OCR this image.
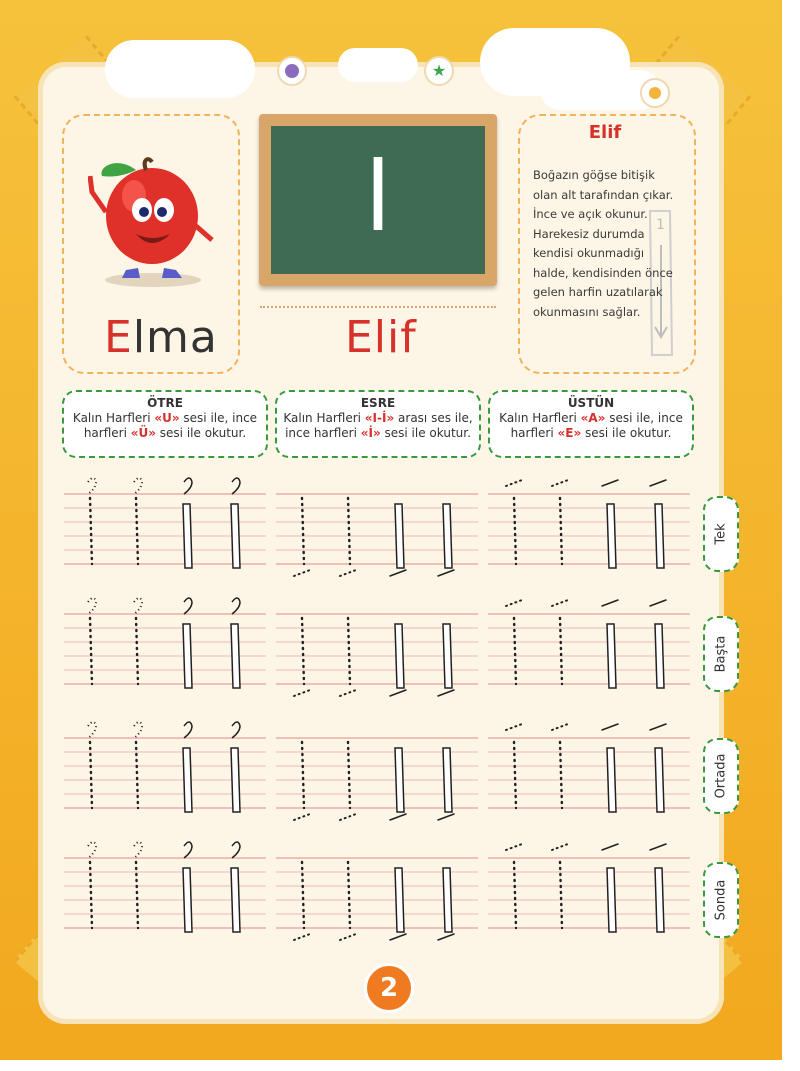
★
Elma
ا
Elif
Elif
1
Boğazın göğse bitişik olan alt tarafından çıkar. İnce ve açık okunur. Harekesiz durumda kendisi okunmadığı halde, kendisinden önce gelen harfin uzatılarak okunmasını sağlar.
ÖTRE
Kalın Harfleri «U» sesi ile, ince harfleri «Ü» sesi ile okutur.
ESRE
Kalın Harfleri «I-İ» arası ses ile, ince harfleri «İ» sesi ile okutur.
ÜSTÜN
Kalın Harfleri «A» sesi ile, ince harfleri «E» sesi ile okutur.
Tek
Başta
Ortada
Sonda
2
